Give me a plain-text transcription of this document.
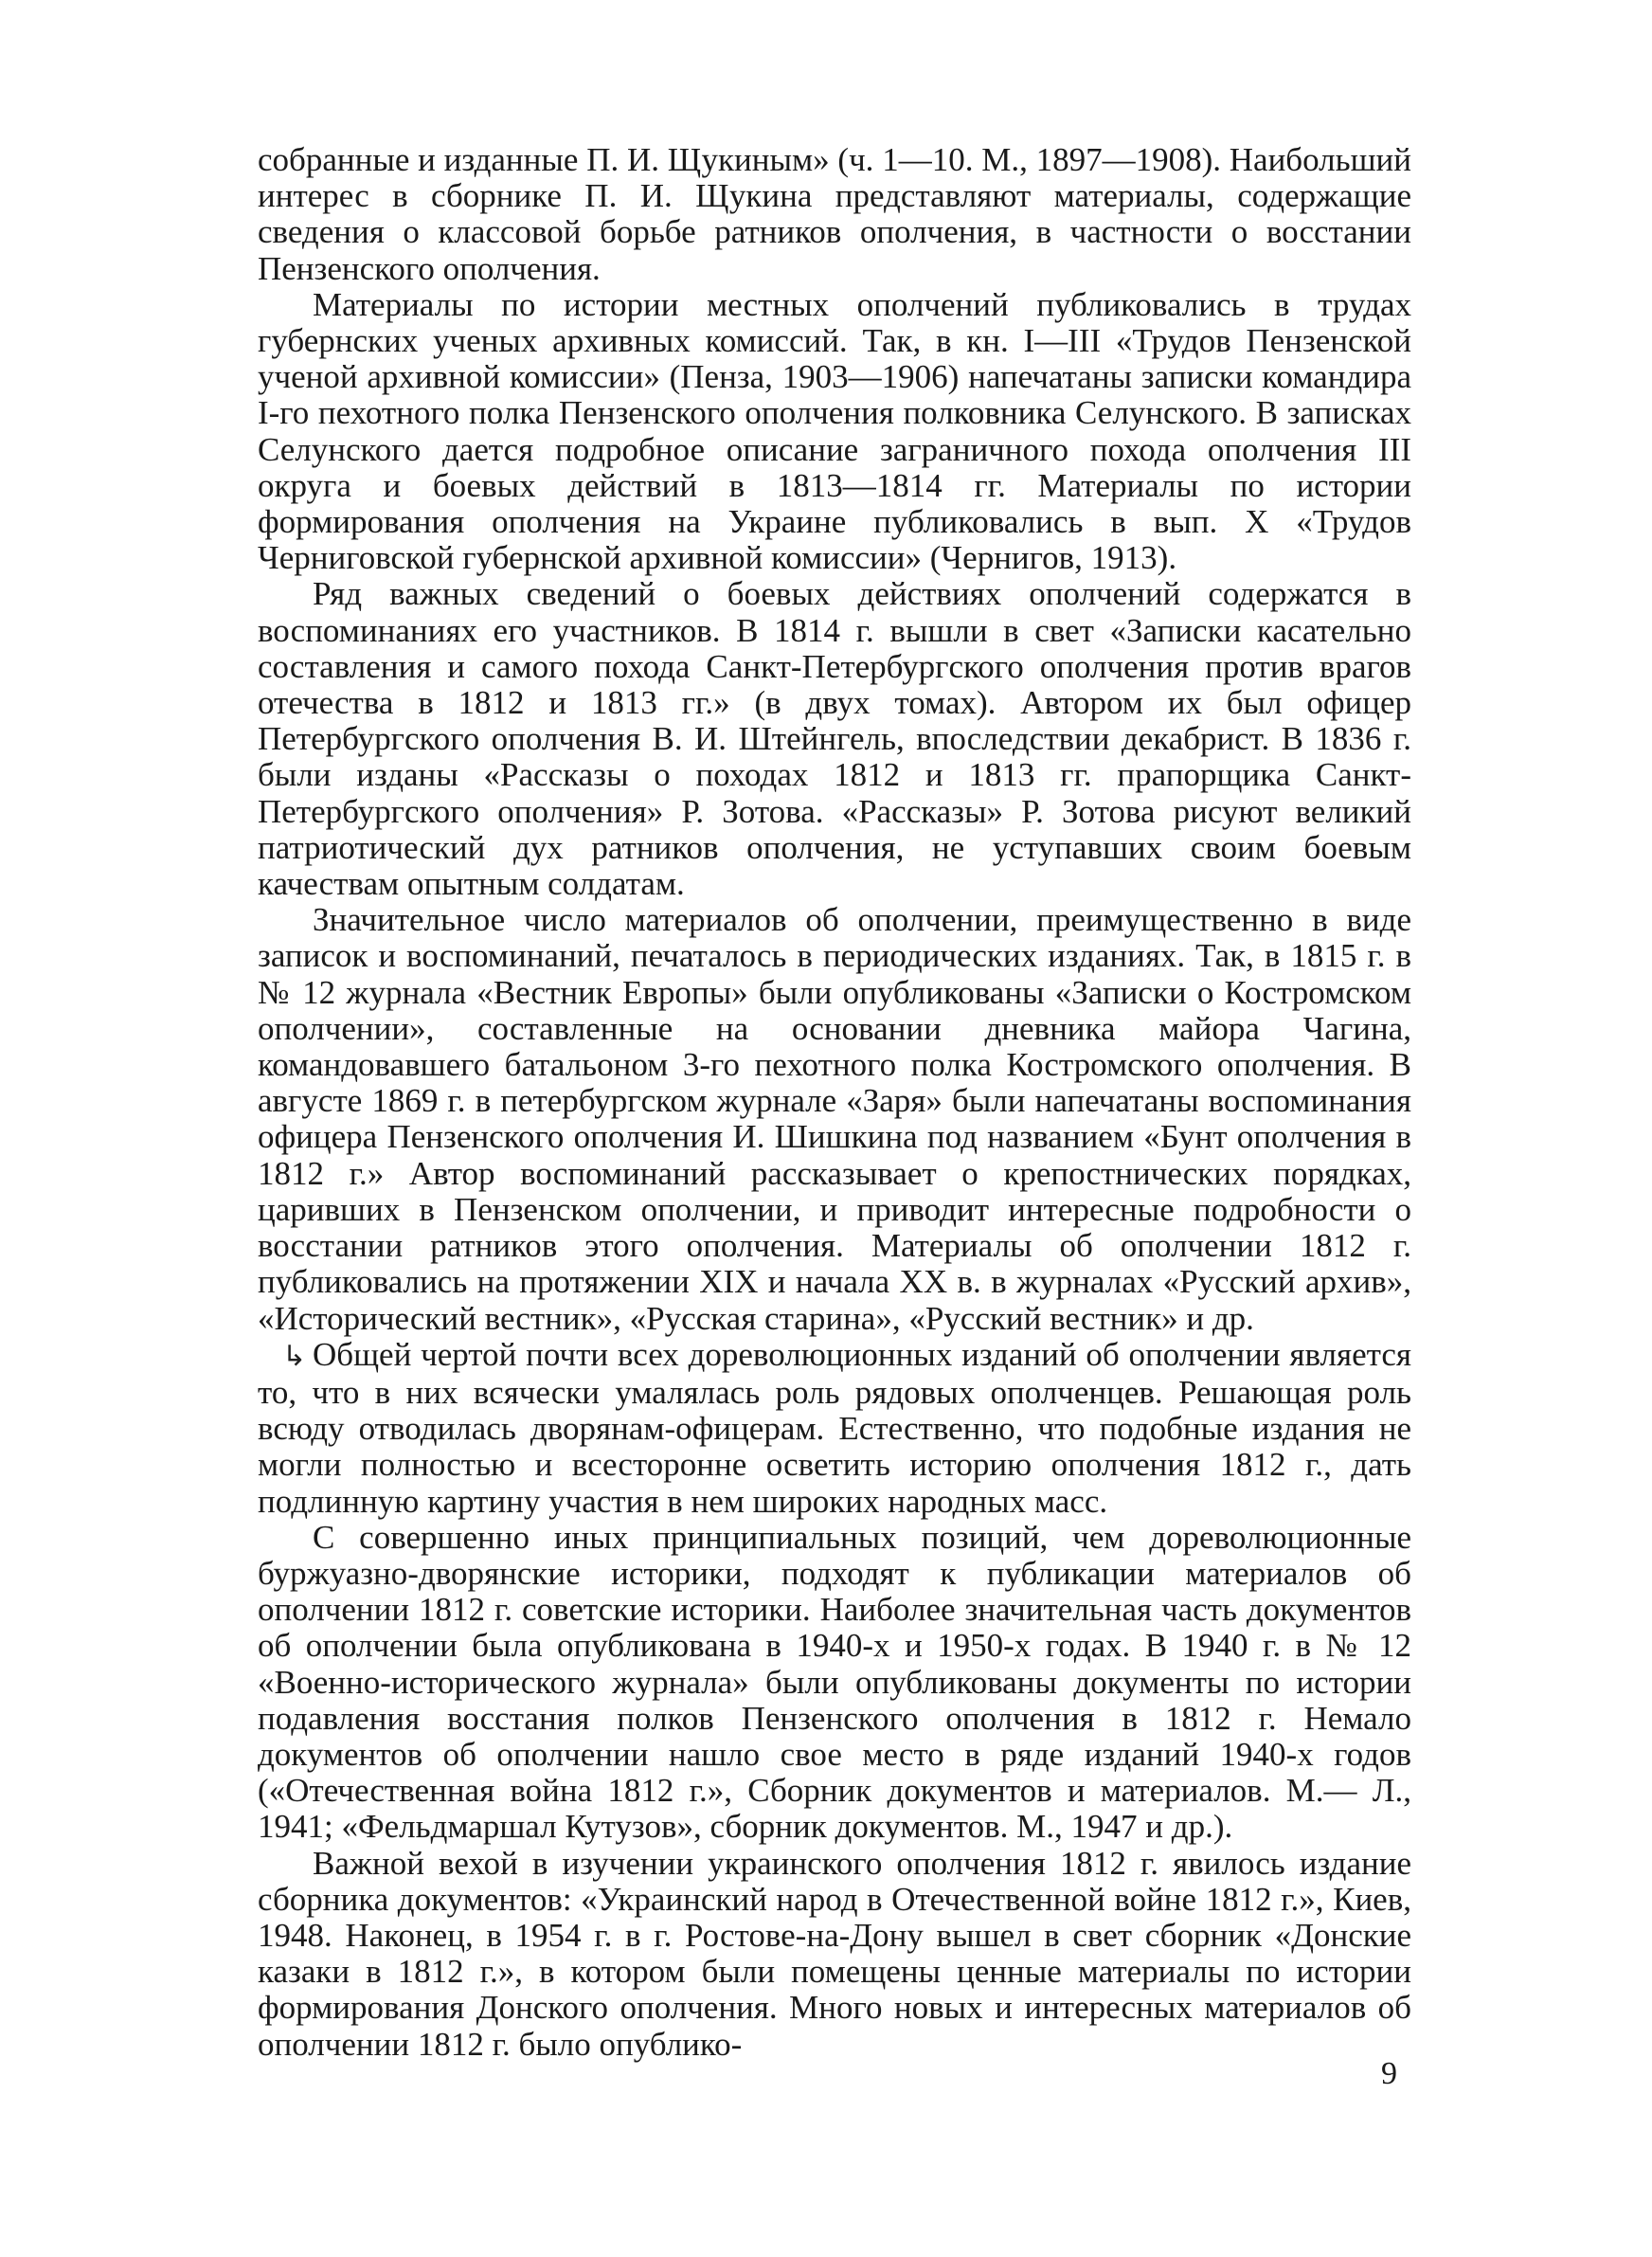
собранные и изданные П. И. Щукиным» (ч. 1—10. М., 1897—1908). Наибольший интерес в сборнике П. И. Щукина представляют материалы, содержащие сведения о классовой борьбе ратников ополчения, в частности о восстании Пензенского ополчения.

Материалы по истории местных ополчений публиковались в трудах губернских ученых архивных комиссий. Так, в кн. I—III «Трудов Пензенской ученой архивной комиссии» (Пенза, 1903—1906) напечатаны записки командира I-го пехотного полка Пензенского ополчения полковника Селунского. В записках Селунского дается подробное описание заграничного похода ополчения III округа и боевых действий в 1813—1814 гг. Материалы по истории формирования ополчения на Украине публиковались в вып. X «Трудов Черниговской губернской архивной комиссии» (Чернигов, 1913).

Ряд важных сведений о боевых действиях ополчений содержатся в воспоминаниях его участников. В 1814 г. вышли в свет «Записки касательно составления и самого похода Санкт-Петербургского ополчения против врагов отечества в 1812 и 1813 гг.» (в двух томах). Автором их был офицер Петербургского ополчения В. И. Штейнгель, впоследствии декабрист. В 1836 г. были изданы «Рассказы о походах 1812 и 1813 гг. прапорщика Санкт-Петербургского ополчения» Р. Зотова. «Рассказы» Р. Зотова рисуют великий патриотический дух ратников ополчения, не уступавших своим боевым качествам опытным солдатам.

Значительное число материалов об ополчении, преимущественно в виде записок и воспоминаний, печаталось в периодических изданиях. Так, в 1815 г. в № 12 журнала «Вестник Европы» были опубликованы «Записки о Костромском ополчении», составленные на основании дневника майора Чагина, командовавшего батальоном 3-го пехотного полка Костромского ополчения. В августе 1869 г. в петербургском журнале «Заря» были напечатаны воспоминания офицера Пензенского ополчения И. Шишкина под названием «Бунт ополчения в 1812 г.» Автор воспоминаний рассказывает о крепостнических порядках, царивших в Пензенском ополчении, и приводит интересные подробности о восстании ратников этого ополчения. Материалы об ополчении 1812 г. публиковались на протяжении XIX и начала XX в. в журналах «Русский архив», «Исторический вестник», «Русская старина», «Русский вестник» и др.

↳ Общей чертой почти всех дореволюционных изданий об ополчении является то, что в них всячески умалялась роль рядовых ополченцев. Решающая роль всюду отводилась дворянам-офицерам. Естественно, что подобные издания не могли полностью и всесторонне осветить историю ополчения 1812 г., дать подлинную картину участия в нем широких народных масс.

С совершенно иных принципиальных позиций, чем дореволюционные буржуазно-дворянские историки, подходят к публикации материалов об ополчении 1812 г. советские историки. Наиболее значительная часть документов об ополчении была опубликована в 1940-х и 1950-х годах. В 1940 г. в № 12 «Военно-исторического журнала» были опубликованы документы по истории подавления восстания полков Пензенского ополчения в 1812 г. Немало документов об ополчении нашло свое место в ряде изданий 1940-х годов («Отечественная война 1812 г.», Сборник документов и материалов. М.— Л., 1941; «Фельдмаршал Кутузов», сборник документов. М., 1947 и др.).

Важной вехой в изучении украинского ополчения 1812 г. явилось издание сборника документов: «Украинский народ в Отечественной войне 1812 г.», Киев, 1948. Наконец, в 1954 г. в г. Ростове-на-Дону вышел в свет сборник «Донские казаки в 1812 г.», в котором были помещены ценные материалы по истории формирования Донского ополчения. Много новых и интересных материалов об ополчении 1812 г. было опублико-

9
